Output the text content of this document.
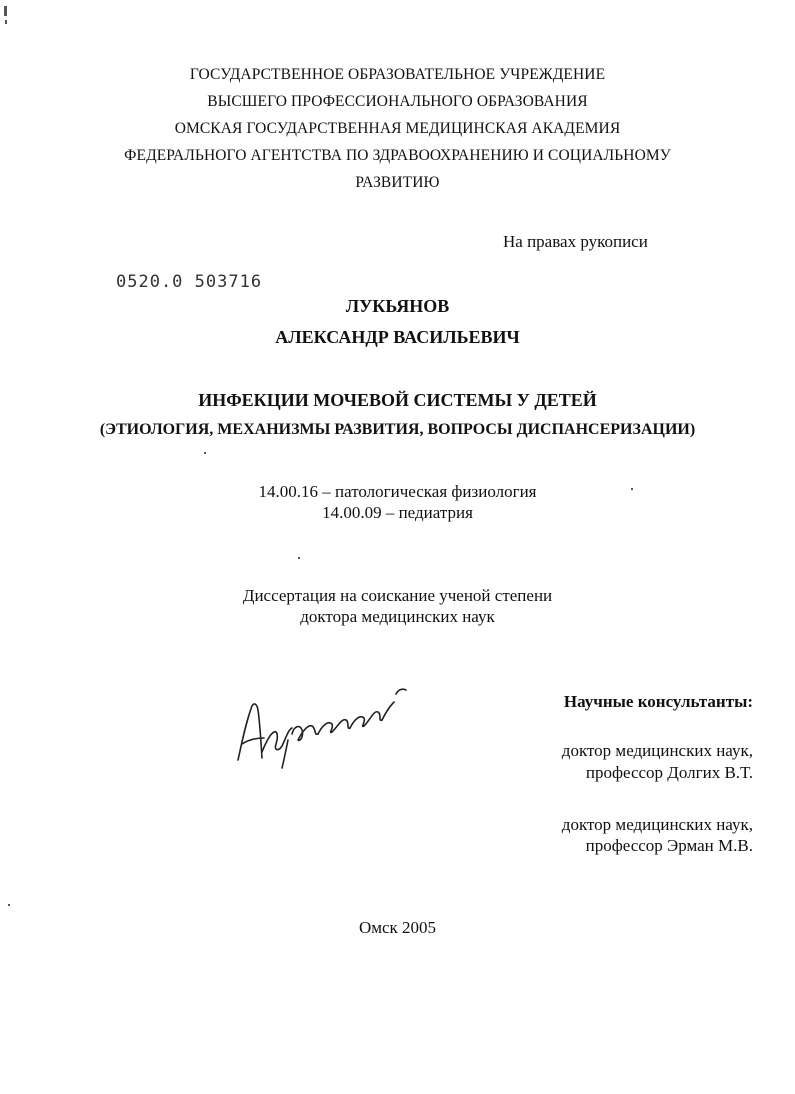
ГОСУДАРСТВЕННОЕ ОБРАЗОВАТЕЛЬНОЕ УЧРЕЖДЕНИЕ
ВЫСШЕГО ПРОФЕССИОНАЛЬНОГО ОБРАЗОВАНИЯ
ОМСКАЯ ГОСУДАРСТВЕННАЯ МЕДИЦИНСКАЯ АКАДЕМИЯ
ФЕДЕРАЛЬНОГО АГЕНТСТВА ПО ЗДРАВООХРАНЕНИЮ И СОЦИАЛЬНОМУ
РАЗВИТИЮ
На правах рукописи
0520.0 503716
ЛУКЬЯНОВ
АЛЕКСАНДР ВАСИЛЬЕВИЧ
ИНФЕКЦИИ МОЧЕВОЙ СИСТЕМЫ У ДЕТЕЙ
(ЭТИОЛОГИЯ, МЕХАНИЗМЫ РАЗВИТИЯ, ВОПРОСЫ ДИСПАНСЕРИЗАЦИИ)
14.00.16 – патологическая физиология
14.00.09 – педиатрия
Диссертация на соискание ученой степени
доктора медицинских наук
Научные консультанты:
доктор медицинских наук,
профессор Долгих В.Т.
доктор медицинских наук,
профессор Эрман М.В.
Омск 2005
